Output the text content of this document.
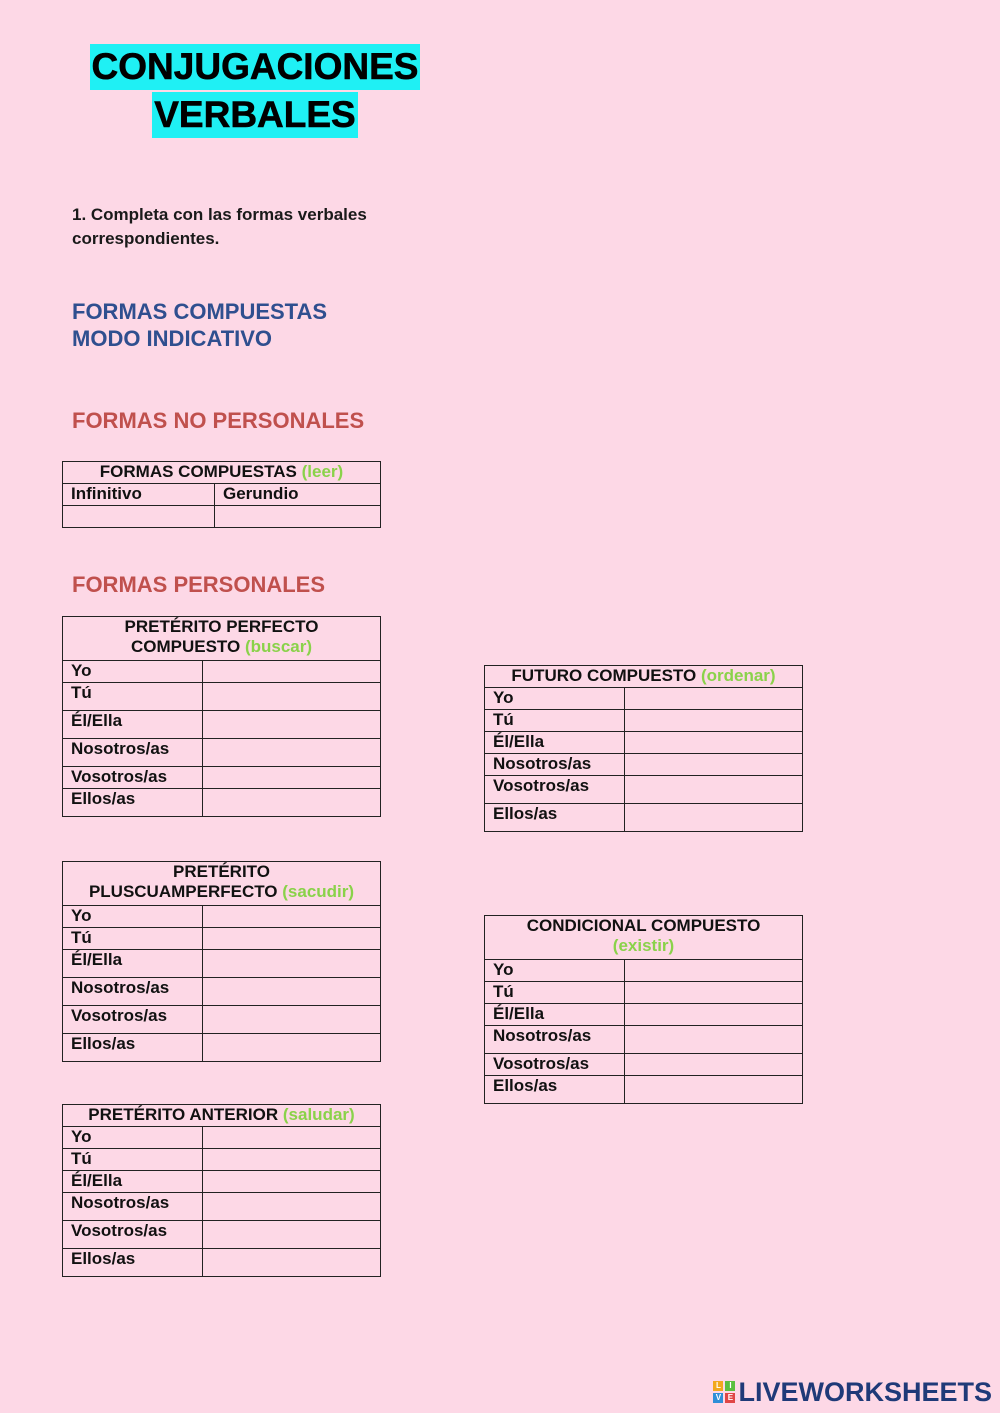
CONJUGACIONES
VERBALES
1. Completa con las formas verbales
correspondientes.
FORMAS COMPUESTAS
MODO INDICATIVO
FORMAS NO PERSONALES
FORMAS COMPUESTAS (leer)	
Infinitivo	Gerundio

FORMAS PERSONALES
PRETÉRITO PERFECTO
COMPUESTO (buscar)	
Yo	
Tú	
Él/Ella	
Nosotros/as	
Vosotros/as	
Ellos/as	
PRETÉRITO
PLUSCUAMPERFECTO (sacudir)	
Yo	
Tú	
Él/Ella	
Nosotros/as	
Vosotros/as	
Ellos/as	
PRETÉRITO ANTERIOR (saludar)	
Yo	
Tú	
Él/Ella	
Nosotros/as	
Vosotros/as	
Ellos/as	
FUTURO COMPUESTO (ordenar)	
Yo	
Tú	
Él/Ella	
Nosotros/as	
Vosotros/as	
Ellos/as	
CONDICIONAL COMPUESTO
(existir)	
Yo	
Tú	
Él/Ella	
Nosotros/as	
Vosotros/as	
Ellos/as	
L	I
V E LIVEWORKSHEETS
